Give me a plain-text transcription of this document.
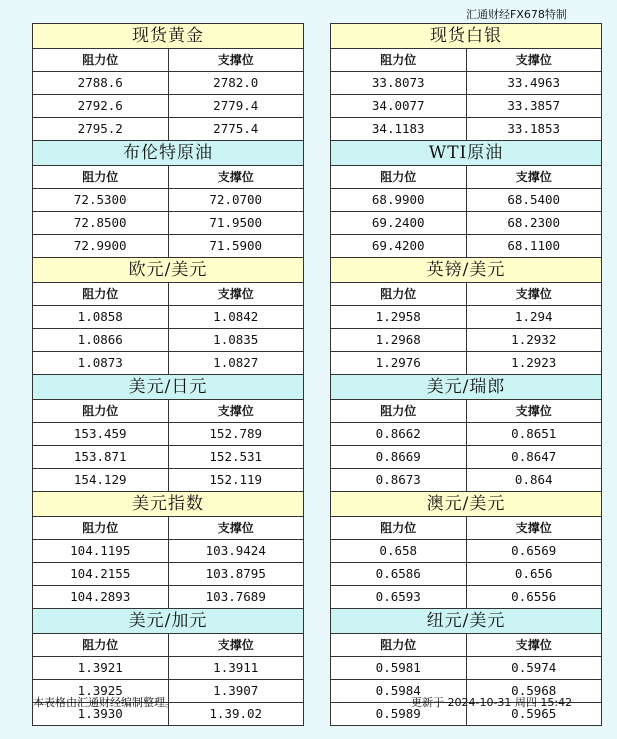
汇通财经FX678特制
现货黄金
阻力位	支撑位
2788.6	2782.0
2792.6	2779.4
2795.2	2775.4
布伦特原油
阻力位	支撑位
72.5300	72.0700
72.8500	71.9500
72.9900	71.5900
欧元/美元
阻力位	支撑位
1.0858	1.0842
1.0866	1.0835
1.0873	1.0827
美元/日元
阻力位	支撑位
153.459	152.789
153.871	152.531
154.129	152.119
美元指数
阻力位	支撑位
104.1195	103.9424
104.2155	103.8795
104.2893	103.7689
美元/加元
阻力位	支撑位
1.3921	1.3911
1.3925	1.3907
1.3930	1.39.02
现货白银
阻力位	支撑位
33.8073	33.4963
34.0077	33.3857
34.1183	33.1853
WTI原油
阻力位	支撑位
68.9900	68.5400
69.2400	68.2300
69.4200	68.1100
英镑/美元
阻力位	支撑位
1.2958	1.294
1.2968	1.2932
1.2976	1.2923
美元/瑞郎
阻力位	支撑位
0.8662	0.8651
0.8669	0.8647
0.8673	0.864
澳元/美元
阻力位	支撑位
0.658	0.6569
0.6586	0.656
0.6593	0.6556
纽元/美元
阻力位	支撑位
0.5981	0.5974
0.5984	0.5968
0.5989	0.5965
本表格由汇通财经编制整理。	更新于 2024-10-31 周四 15:42
